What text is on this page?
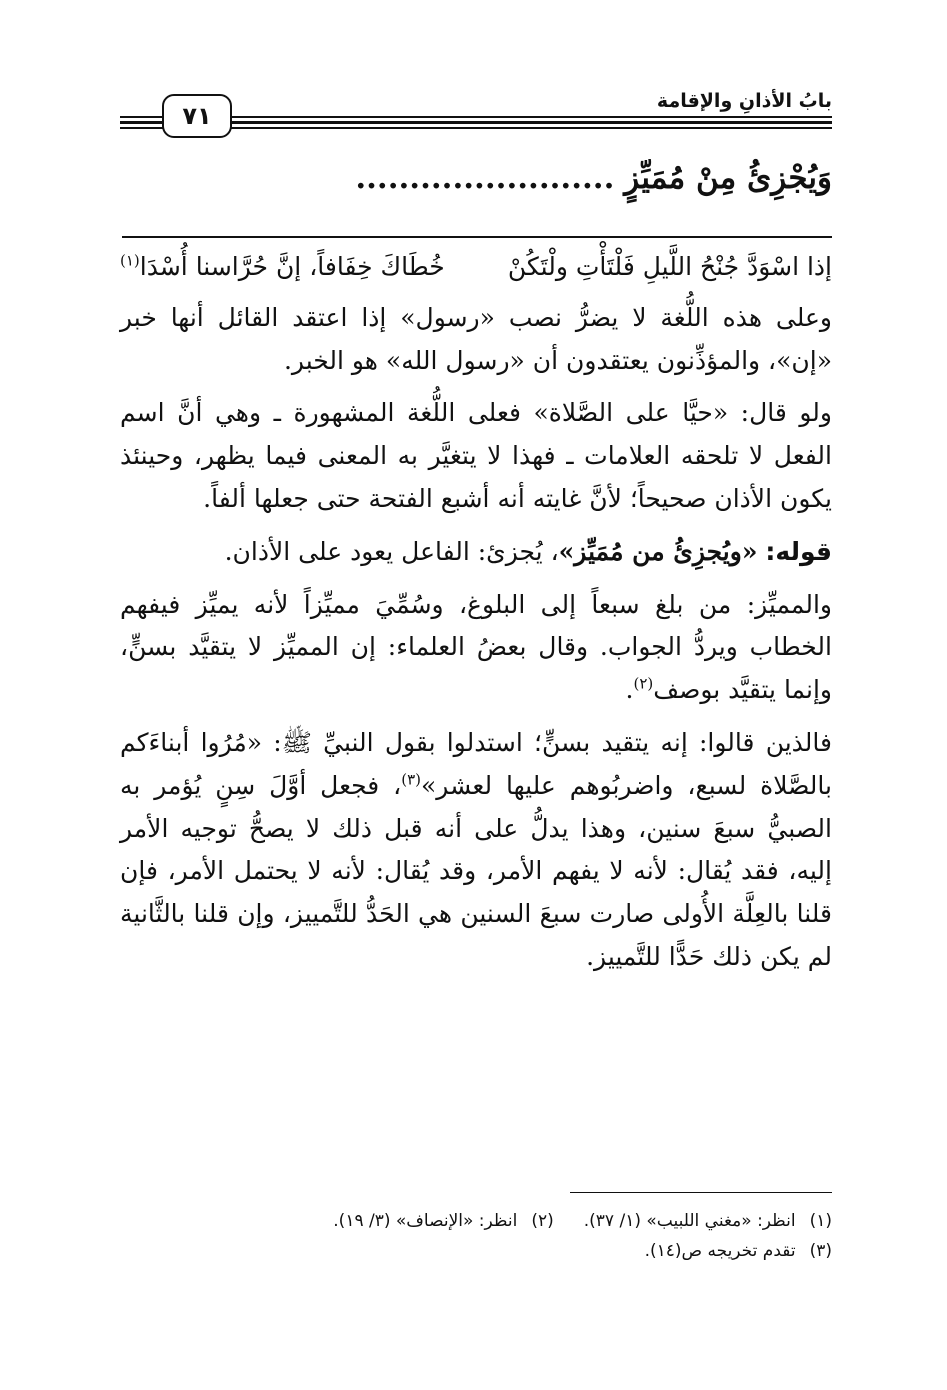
٧١
بابُ الأذانِ والإقامة
وَيُجْزِئُ مِنْ مُمَيِّزٍ ........................
إذا اسْوَدَّ جُنْحُ اللَّيلِ فَلْتَأْتِ ولْتَكُنْ
خُطَاكَ خِفَافاً، إنَّ حُرَّاسنا أُسْدَا$^{(١)}$

وعلى هذه اللُّغة لا يضرُّ نصب «رسول» إذا اعتقد القائل أنها خبر «إن»، والمؤذِّنون يعتقدون أن «رسول الله» هو الخبر.

ولو قال: «حيَّا على الصَّلاة» فعلى اللُّغة المشهورة ـ وهي أنَّ اسم الفعل لا تلحقه العلامات ـ فهذا لا يتغيَّر به المعنى فيما يظهر، وحينئذ يكون الأذان صحيحاً؛ لأنَّ غايته أنه أشبع الفتحة حتى جعلها ألفاً.

قوله: «ويُجزِئُ من مُمَيِّز»، يُجزئ: الفاعل يعود على الأذان.

والمميِّز: من بلغ سبعاً إلى البلوغ، وسُمِّيَ مميِّزاً لأنه يميِّز فيفهم الخطاب ويردُّ الجواب. وقال بعضُ العلماء: إن المميِّز لا يتقيَّد بسنٍّ، وإنما يتقيَّد بوصف$^{(٢)}$.

فالذين قالوا: إنه يتقيد بسنٍّ؛ استدلوا بقول النبيِّ ﷺ: «مُرُوا أبناءَكم بالصَّلاة لسبع، واضربُوهم عليها لعشر»$^{(٣)}$، فجعل أوَّلَ سِنٍ يُؤمر به الصبيُّ سبعَ سنين، وهذا يدلُّ على أنه قبل ذلك لا يصحُّ توجيه الأمر إليه، فقد يُقال: لأنه لا يفهم الأمر، وقد يُقال: لأنه لا يحتمل الأمر، فإن قلنا بالعِلَّة الأُولى صارت سبعَ السنين هي الحَدُّ للتَّمييز، وإن قلنا بالثَّانية لم يكن ذلك حَدًّا للتَّمييز.

(١)
انظر: «مغني اللبيب» (١/ ٣٧).
(٢)
انظر: «الإنصاف» (٣/ ١٩).
(٣)
تقدم تخريجه ص(١٤).
